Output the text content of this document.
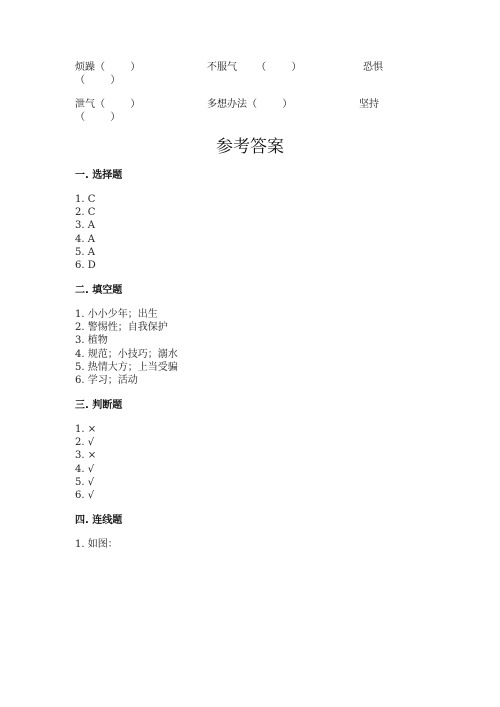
烦躁（        ）	不服气      （        ）	恐惧
（        ）
泄气（        ）	多想办法（        ）	坚持
（        ）
参考答案
一. 选择题
1. C
2. C
3. A
4. A
5. A
6. D
二. 填空题
1. 小小少年；出生
2. 警惕性；自我保护
3. 植物
4. 规范；小技巧；溺水
5. 热情大方；上当受骗
6. 学习；活动
三. 判断题
1. ×
2. √
3. ×
4. √
5. √
6. √
四. 连线题
1. 如图：
